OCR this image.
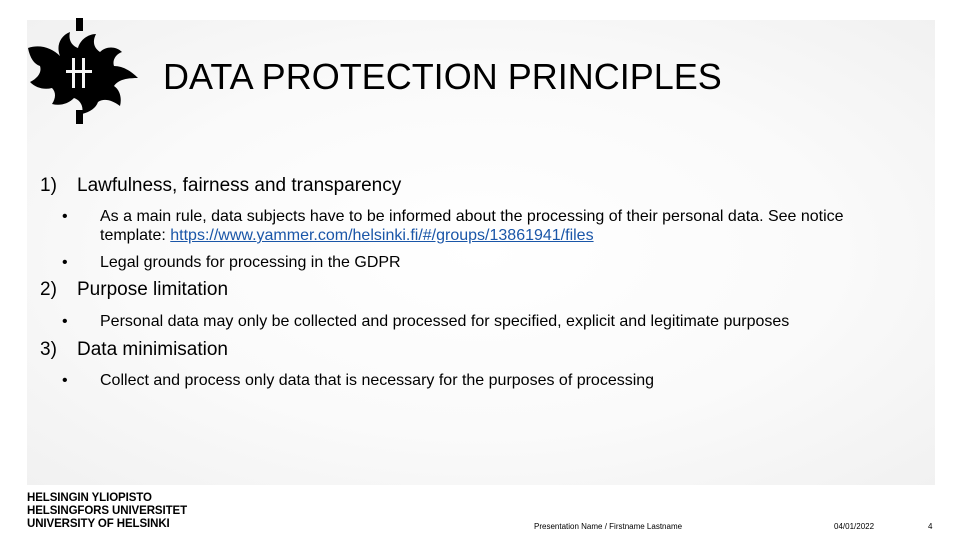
DATA PROTECTION PRINCIPLES
1) Lawfulness, fairness and transparency
• As a main rule, data subjects have to be informed about the processing of their personal data. See notice template: https://www.yammer.com/helsinki.fi/#/groups/13861941/files
• Legal grounds for processing in the GDPR
2) Purpose limitation
• Personal data may only be collected and processed for specified, explicit and legitimate purposes
3) Data minimisation
• Collect and process only data that is necessary for the purposes of processing
HELSINGIN YLIOPISTO
HELSINGFORS UNIVERSITET
UNIVERSITY OF HELSINKI	Presentation Name / Firstname Lastname	04/01/2022	4
